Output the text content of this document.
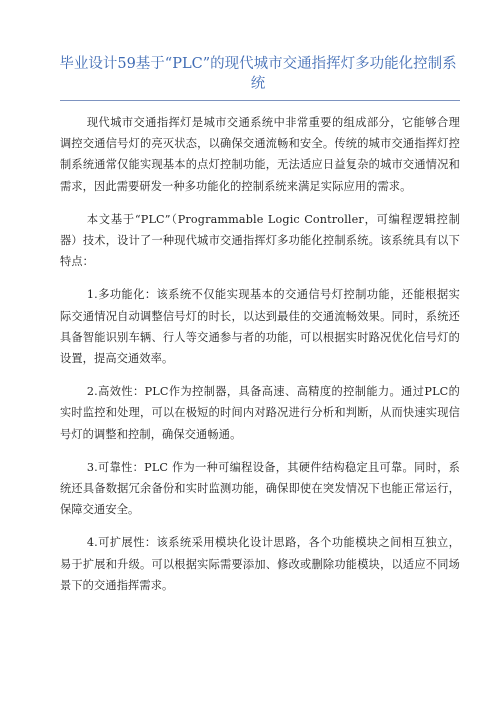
毕业设计59基于“PLC”的现代城市交通指挥灯多功能化控制系统

现代城市交通指挥灯是城市交通系统中非常重要的组成部分，它能够合理调控交通信号灯的亮灭状态，以确保交通流畅和安全。传统的城市交通指挥灯控制系统通常仅能实现基本的点灯控制功能，无法适应日益复杂的城市交通情况和需求，因此需要研发一种多功能化的控制系统来满足实际应用的需求。

本文基于“PLC”（Programmable Logic Controller，可编程逻辑控制器）技术，设计了一种现代城市交通指挥灯多功能化控制系统。该系统具有以下特点：

1.多功能化：该系统不仅能实现基本的交通信号灯控制功能，还能根据实际交通情况自动调整信号灯的时长，以达到最佳的交通流畅效果。同时，系统还具备智能识别车辆、行人等交通参与者的功能，可以根据实时路况优化信号灯的设置，提高交通效率。

2.高效性：PLC作为控制器，具备高速、高精度的控制能力。通过PLC的实时监控和处理，可以在极短的时间内对路况进行分析和判断，从而快速实现信号灯的调整和控制，确保交通畅通。

3.可靠性：PLC 作为一种可编程设备，其硬件结构稳定且可靠。同时，系统还具备数据冗余备份和实时监测功能，确保即使在突发情况下也能正常运行，保障交通安全。

4.可扩展性：该系统采用模块化设计思路，各个功能模块之间相互独立，易于扩展和升级。可以根据实际需要添加、修改或删除功能模块，以适应不同场景下的交通指挥需求。
